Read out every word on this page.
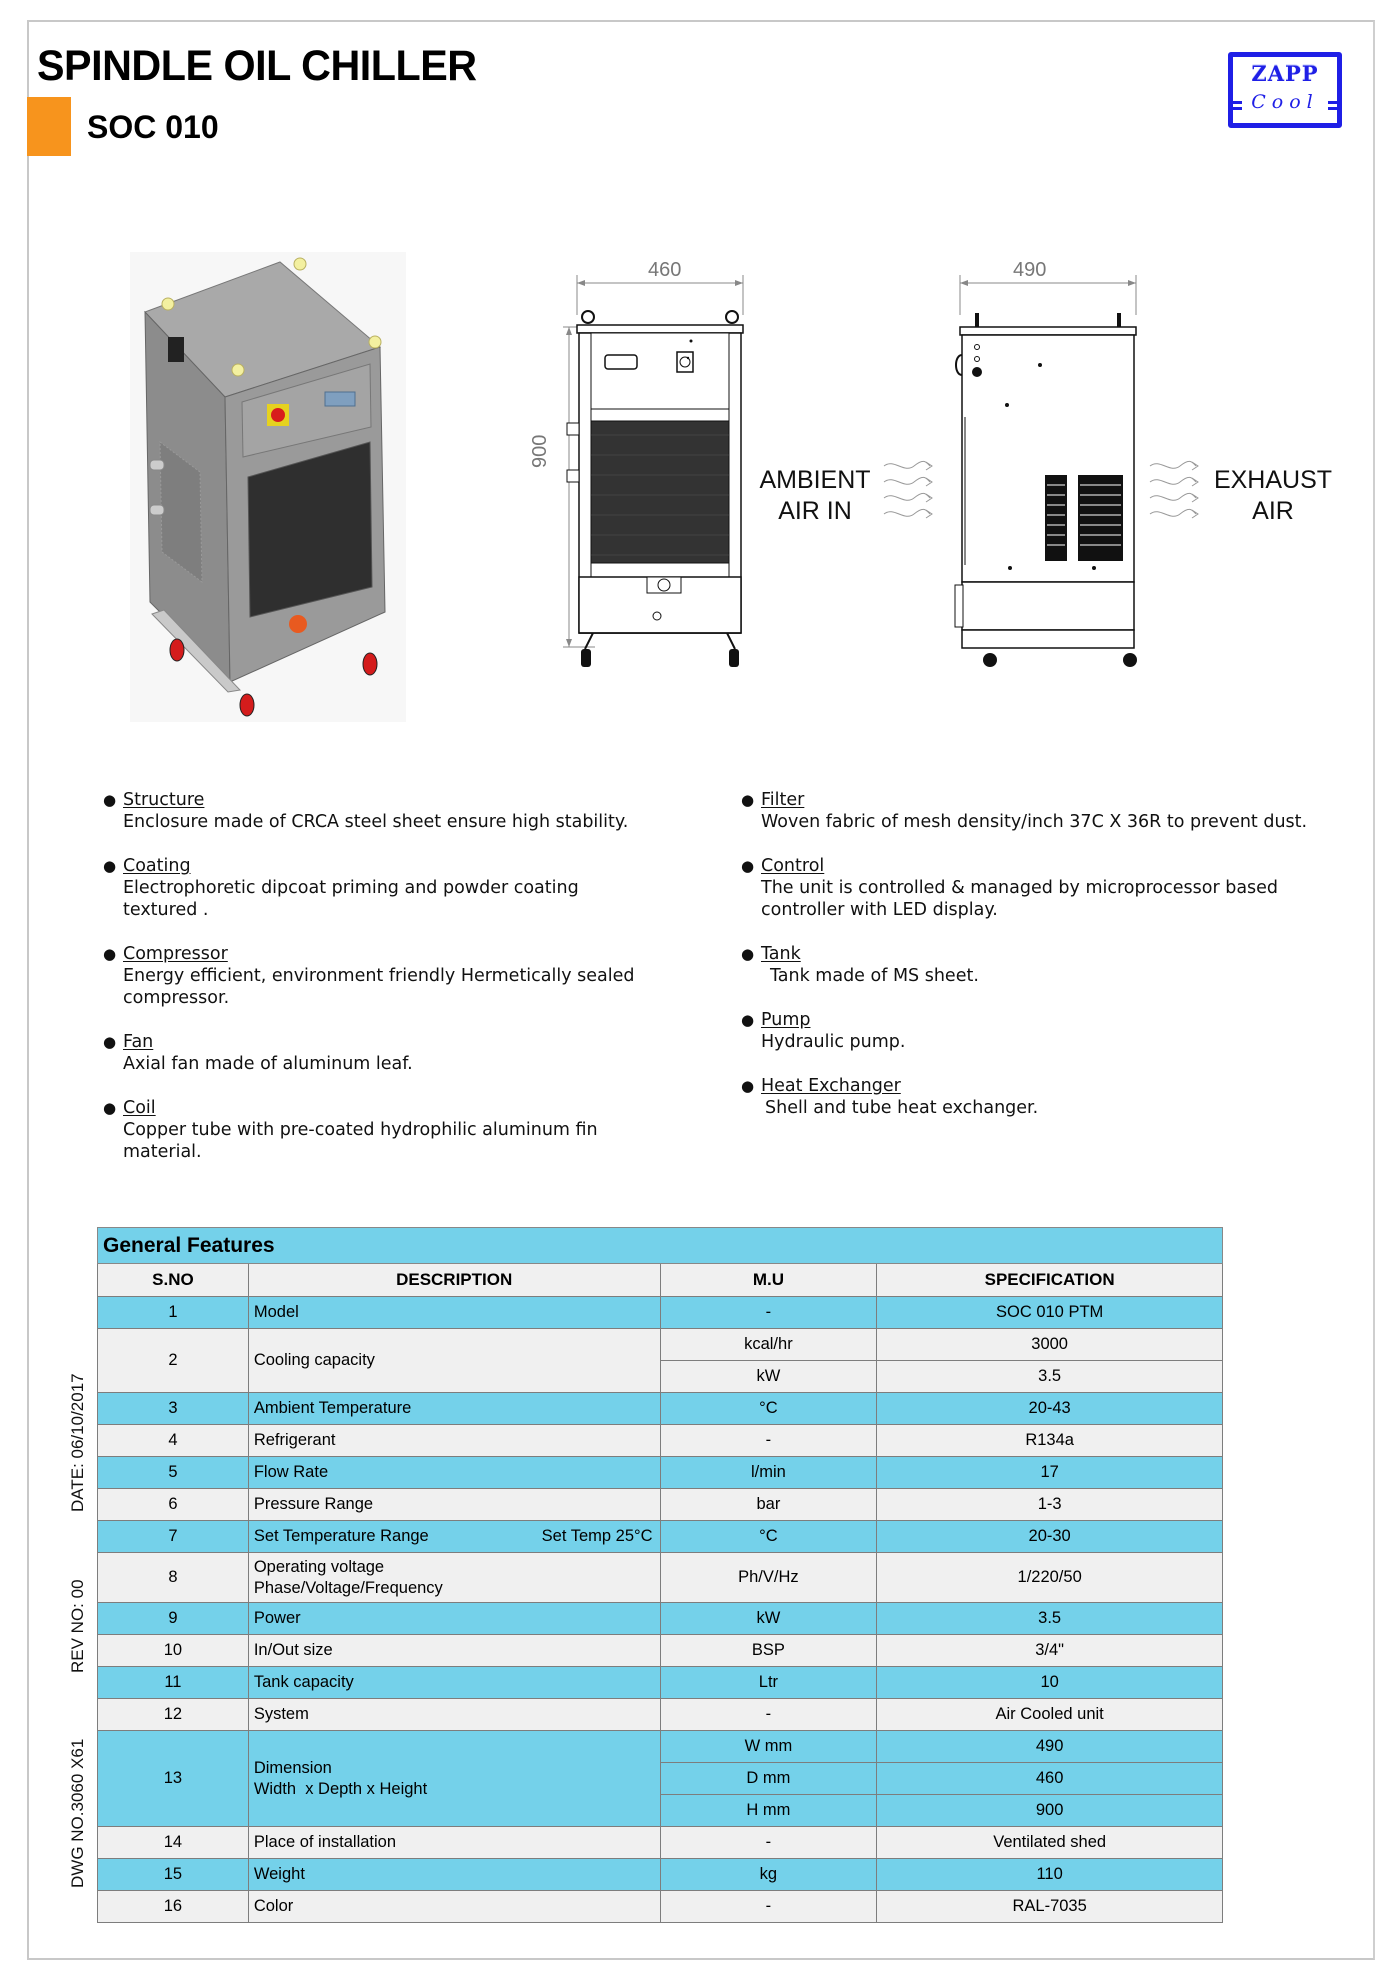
SPINDLE OIL CHILLER
SOC 010
ZAPP
Cool
460
900
AMBIENT
AIR IN
490
EXHAUST
AIR
● Structure
Enclosure made of CRCA steel sheet ensure high stability.
● Coating
Electrophoretic dipcoat priming and powder coating textured .
● Compressor
Energy efficient, environment friendly Hermetically sealed compressor.
● Fan
Axial fan made of aluminum leaf.
● Coil
Copper tube with pre-coated hydrophilic aluminum fin material.
● Filter
Woven fabric of mesh density/inch 37C X 36R to prevent dust.
● Control
The unit is controlled & managed by microprocessor based controller with LED display.
● Tank
Tank made of MS sheet.
● Pump
Hydraulic pump.
● Heat Exchanger
Shell and tube heat exchanger.
DATE: 06/10/2017
REV NO: 00
DWG NO.3060 X61
General Features			
S.NO	DESCRIPTION	M.U	SPECIFICATION
1	Model	-	SOC 010 PTM
2	Cooling capacity	kcal/hr	3000
		kW	3.5
3	Ambient Temperature	°C	20-43
4	Refrigerant	-	R134a
5	Flow Rate	l/min	17
6	Pressure Range	bar	1-3
7	Set Temperature Range Set Temp 25°C	°C	20-30
8	Operating voltage
Phase/Voltage/Frequency	Ph/V/Hz	1/220/50
9	Power	kW	3.5
10	In/Out size	BSP	3/4"
11	Tank capacity	Ltr	10
12	System	-	Air Cooled unit
13	Dimension
Width  x Depth x Height	W mm	490
		D mm	460
		H mm	900
14	Place of installation	-	Ventilated shed
15	Weight	kg	110
16	Color	-	RAL-7035
